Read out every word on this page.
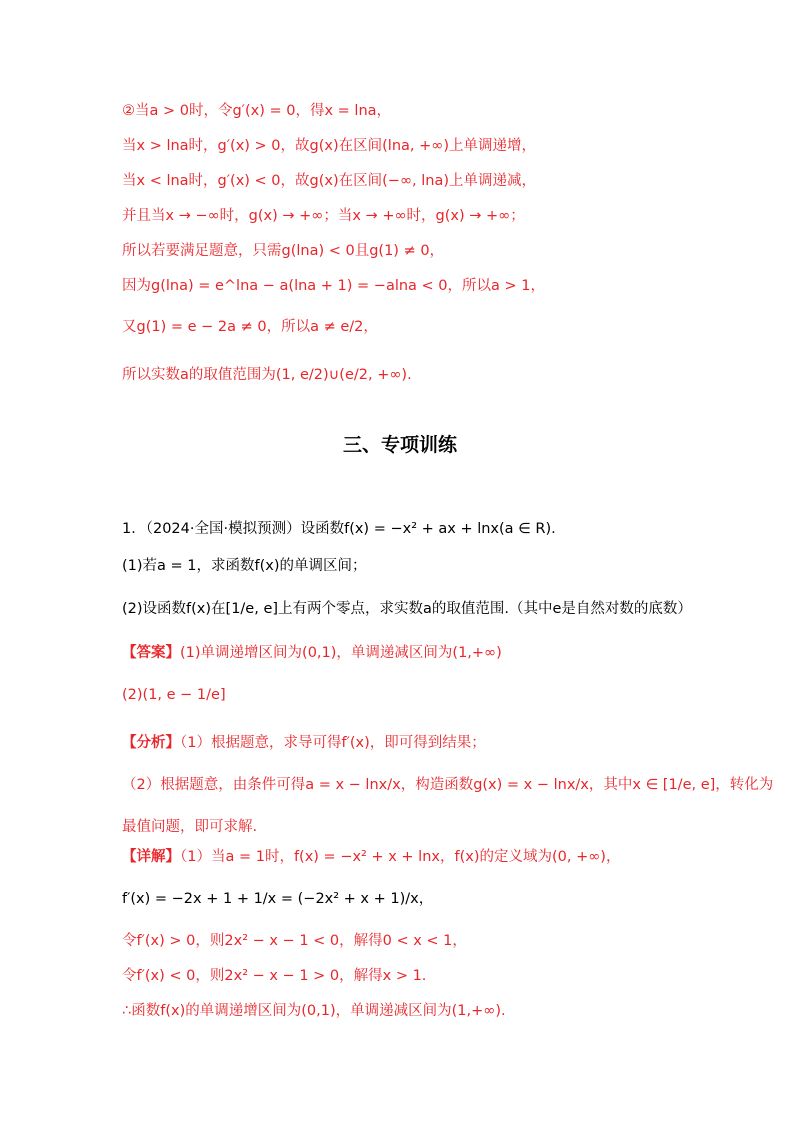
②当a > 0时，令g′(x) = 0，得x = lna，
当x > lna时，g′(x) > 0，故g(x)在区间(lna, +∞)上单调递增，
当x < lna时，g′(x) < 0，故g(x)在区间(−∞, lna)上单调递减，
并且当x → −∞时，g(x) → +∞；当x → +∞时，g(x) → +∞；
所以若要满足题意，只需g(lna) < 0且g(1) ≠ 0，
因为g(lna) = e^lna − a(lna + 1) = −alna < 0，所以a > 1，
又g(1) = e − 2a ≠ 0，所以a ≠ e/2，
所以实数a的取值范围为(1, e/2)∪(e/2, +∞).
三、专项训练
1．（2024·全国·模拟预测）设函数f(x) = −x² + ax + lnx(a ∈ R).
(1)若a = 1，求函数f(x)的单调区间；
(2)设函数f(x)在[1/e, e]上有两个零点，求实数a的取值范围.（其中e是自然对数的底数）
【答案】(1)单调递增区间为(0,1)，单调递减区间为(1,+∞)
(2)(1, e − 1/e]
【分析】（1）根据题意，求导可得f′(x)，即可得到结果；
（2）根据题意，由条件可得a = x − lnx/x，构造函数g(x) = x − lnx/x，其中x ∈ [1/e, e]，转化为
最值问题，即可求解.
【详解】（1）当a = 1时，f(x) = −x² + x + lnx，f(x)的定义域为(0, +∞)，
f′(x) = −2x + 1 + 1/x = (−2x² + x + 1)/x，
令f′(x) > 0，则2x² − x − 1 < 0，解得0 < x < 1，
令f′(x) < 0，则2x² − x − 1 > 0，解得x > 1.
∴函数f(x)的单调递增区间为(0,1)，单调递减区间为(1,+∞).
